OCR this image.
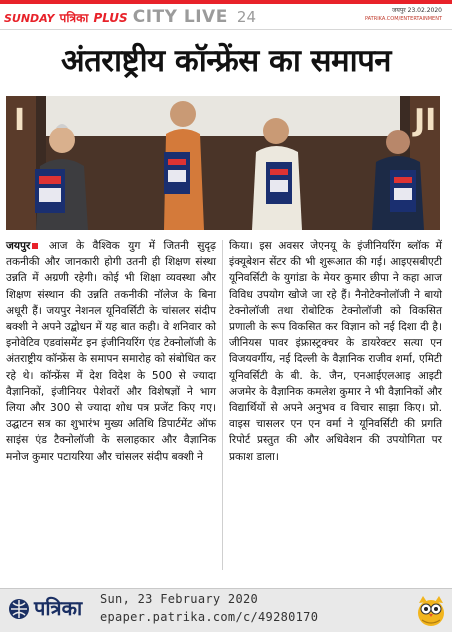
SUNDAY पत्रिका PLUS CITY LIVE 24	जयपुर 23.02.2020
PATRIKA.COM/ENTERTAINMENT
अंतराष्ट्रीय कॉन्फ्रेंस का समापन
I	JI
जयपुर आज के वैश्विक युग में जितनी सुदृढ़ तकनीकी और जानकारी होगी उतनी ही शिक्षण संस्था उन्नति में अग्रणी रहेगी। कोई भी शिक्षा व्यवस्था और शिक्षण संस्थान की उन्नति तकनीकी नॉलेज के बिना अधूरी हैं। जयपुर नेशनल यूनिवर्सिटी के चांसलर संदीप बक्शी ने अपने उद्बोधन में यह बात कही। वे शनिवार को इनोवेटिव एडवांसमेंट इन इंजीनियरिंग एंड टेक्नोलॉजी के अंतराष्ट्रीय कॉन्फ्रेंस के समापन समारोह को संबोधित कर रहे थे। कॉन्फ्रेंस में देश विदेश के 500 से ज्यादा वैज्ञानिकों, इंजीनियर पेशेवरों और विशेषज्ञों ने भाग लिया और 300 से ज्यादा शोध पत्र प्रजेंट किए गए। उद्घाटन सत्र का शुभारंभ मुख्य अतिथि डिपार्टमेंट ऑफ साइंस एंड टैक्नोलॉजी के सलाहकार और वैज्ञानिक मनोज कुमार पटायरिया और चांसलर संदीप बक्शी ने
किया। इस अवसर जेएनयू के इंजीनियरिंग ब्लॉक में इंक्यूबेशन सेंटर की भी शुरूआत की गई। आइएसबीएटी यूनिवर्सिटी के युगांडा के मेयर कुमार छीपा ने कहा आज विविध उपयोग खोजे जा रहे हैं। नैनोटेक्नोलॉजी ने बायो टेक्नोलॉजी तथा रोबोटिक टेक्नोलॉजी को विकसित प्रणाली के रूप विकसित कर विज्ञान को नई दिशा दी है। जीनियस पावर इंफ्रास्ट्रक्चर के डायरेक्टर सत्या एन विजयवर्गीय, नई दिल्ली के वैज्ञानिक राजीव शर्मा, एमिटी यूनिवर्सिटी के बी. के. जैन, एनआईएलआइ आइटी अजमेर के वैज्ञानिक कमलेश कुमार ने भी वैज्ञानिकों और विद्यार्थियों से अपने अनुभव व विचार साझा किए। प्रो. वाइस चासलर एन एन वर्मा ने यूनिवर्सिटी की प्रगति रिपोर्ट प्रस्तुत की और अधिवेशन की उपयोगिता पर प्रकाश डाला।
पत्रिका Sun, 23 February 2020
epaper.patrika.com/c/49280170
